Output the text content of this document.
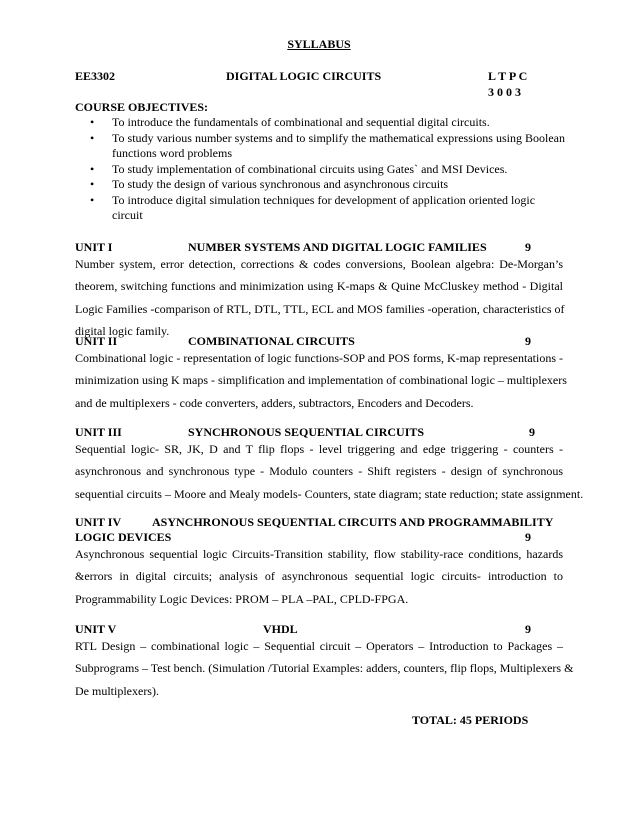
SYLLABUS
EE3302	DIGITAL LOGIC CIRCUITS	L T P C
3 0 0 3
COURSE OBJECTIVES:
• To introduce the fundamentals of combinational and sequential digital circuits.
• To study various number systems and to simplify the mathematical expressions using Boolean
functions word problems
• To study implementation of combinational circuits using Gates` and MSI Devices.
• To study the design of various synchronous and asynchronous circuits
• To introduce digital simulation techniques for development of application oriented logic
circuit
UNIT I	NUMBER SYSTEMS AND DIGITAL LOGIC FAMILIES	9
Number system, error detection, corrections & codes conversions, Boolean algebra: De-Morgan’s
theorem, switching functions and minimization using K-maps & Quine McCluskey method - Digital
Logic Families -comparison of RTL, DTL, TTL, ECL and MOS families -operation, characteristics of
digital logic family.
UNIT II	COMBINATIONAL CIRCUITS	9
Combinational logic - representation of logic functions-SOP and POS forms, K-map representations -
minimization using K maps - simplification and implementation of combinational logic – multiplexers
and de multiplexers - code converters, adders, subtractors, Encoders and Decoders.
UNIT III	SYNCHRONOUS SEQUENTIAL CIRCUITS	9
Sequential logic- SR, JK, D and T flip flops - level triggering and edge triggering - counters -
asynchronous and synchronous type - Modulo counters - Shift registers - design of synchronous
sequential circuits – Moore and Mealy models- Counters, state diagram; state reduction; state assignment.
UNIT IV	ASYNCHRONOUS SEQUENTIAL CIRCUITS AND PROGRAMMABILITY
LOGIC DEVICES	9
Asynchronous sequential logic Circuits-Transition stability, flow stability-race conditions, hazards
&errors in digital circuits; analysis of asynchronous sequential logic circuits- introduction to
Programmability Logic Devices: PROM – PLA –PAL, CPLD-FPGA.
UNIT V	VHDL	9
RTL Design – combinational logic – Sequential circuit – Operators – Introduction to Packages –
Subprograms – Test bench. (Simulation /Tutorial Examples: adders, counters, flip flops, Multiplexers &
De multiplexers).
TOTAL: 45 PERIODS
